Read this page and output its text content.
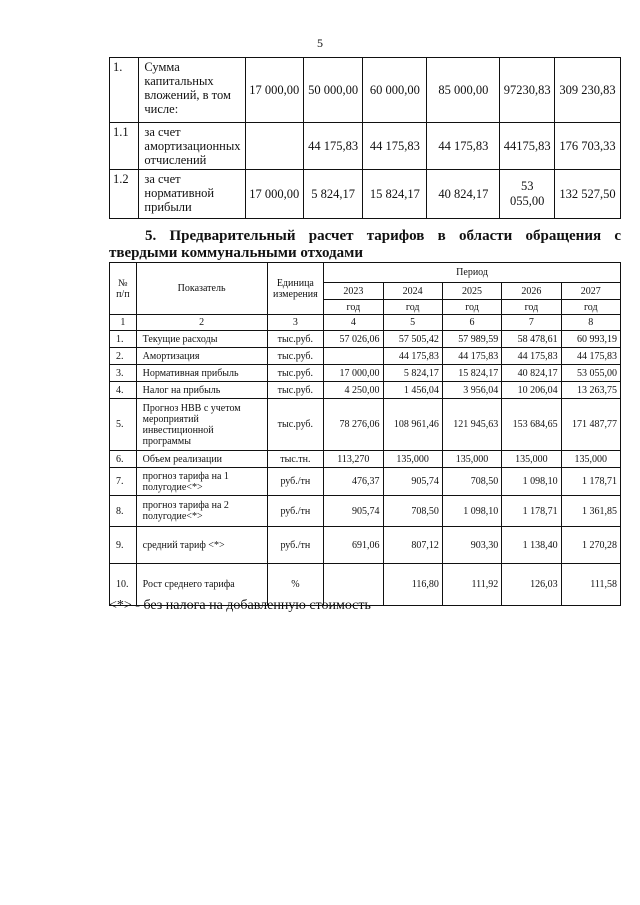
5
1.	Сумма капитальных вложений, в том числе:	17 000,00	50 000,00	60 000,00	85 000,00	97230,83	309 230,83
1.1	за счет амортизационных отчислений		44 175,83	44 175,83	44 175,83	44175,83	176 703,33
1.2	за счет нормативной прибыли	17 000,00	5 824,17	15 824,17	40 824,17	53 055,00	132 527,50
5. Предварительный расчет тарифов в области обращения с
твердыми коммунальными отходами
№ п/п	Показатель	Единица измерения	Период				
			2023	2024	2025	2026	2027
			год	год	год	год	год
1	2	3	4	5	6	7	8
1.	Текущие расходы	тыс.руб.	57 026,06	57 505,42	57 989,59	58 478,61	60 993,19
2.	Амортизация	тыс.руб.		44 175,83	44 175,83	44 175,83	44 175,83
3.	Нормативная прибыль	тыс.руб.	17 000,00	5 824,17	15 824,17	40 824,17	53 055,00
4.	Налог на прибыль	тыс.руб.	4 250,00	1 456,04	3 956,04	10 206,04	13 263,75
5.	Прогноз НВВ с учетом мероприятий инвестиционной программы	тыс.руб.	78 276,06	108 961,46	121 945,63	153 684,65	171 487,77
6.	Объем реализации	тыс.тн.	113,270	135,000	135,000	135,000	135,000
7.	прогноз тарифа на 1 полугодие<*>	руб./тн	476,37	905,74	708,50	1 098,10	1 178,71
8.	прогноз тарифа на 2 полугодие<*>	руб./тн	905,74	708,50	1 098,10	1 178,71	1 361,85
9.	средний тариф <*>	руб./тн	691,06	807,12	903,30	1 138,40	1 270,28
10.	Рост среднего тарифа	%		116,80	111,92	126,03	111,58
<*> - без налога на добавленную стоимость
